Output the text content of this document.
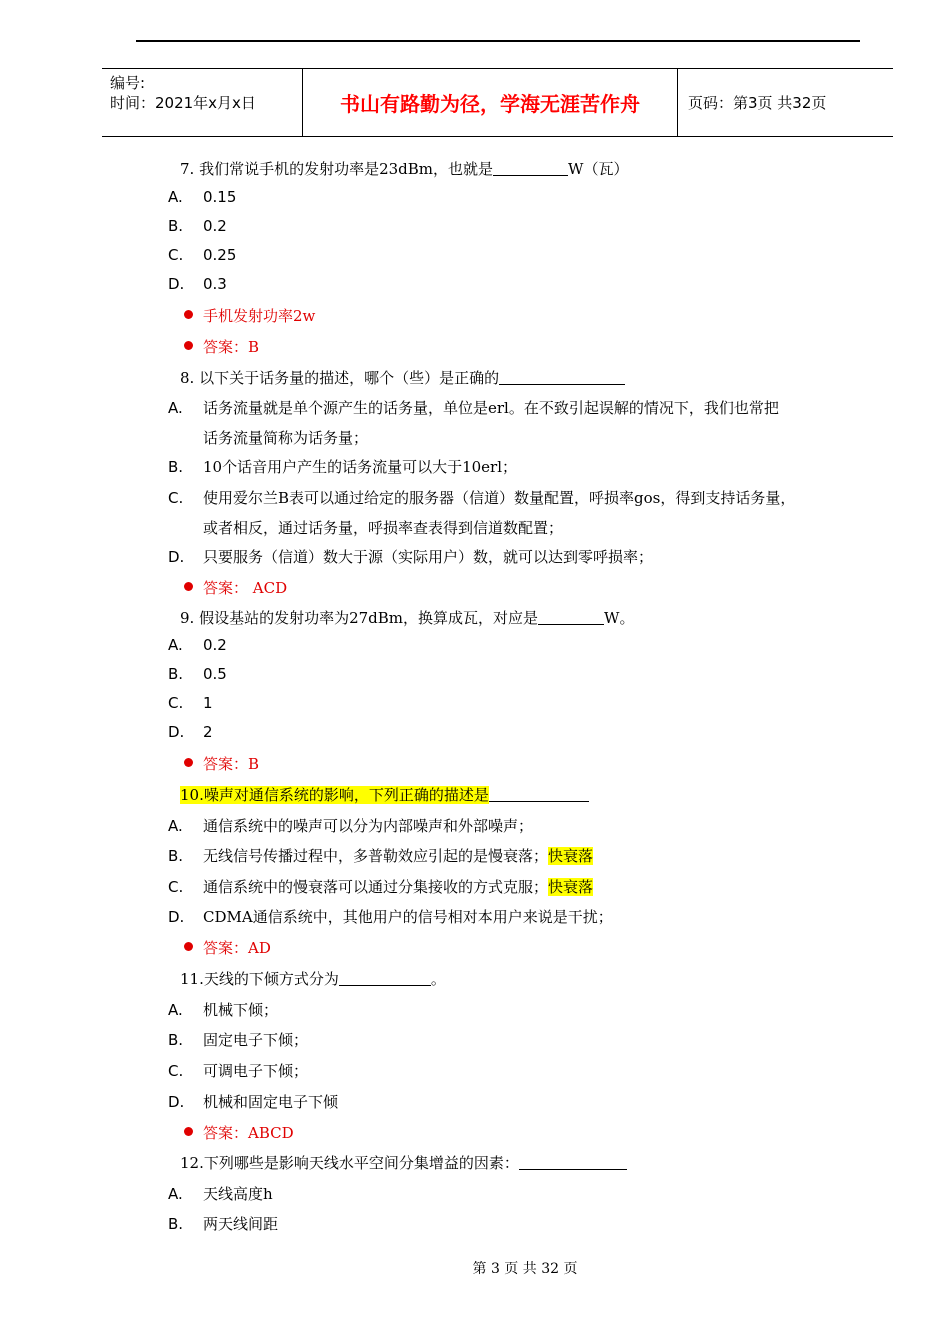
编号:
时间：2021年x月x日	书山有路勤为径，学海无涯苦作舟	页码：第3页 共32页
7. 我们常说手机的发射功率是23dBm，也就是	W（瓦）
A. 0.15
B. 0.2
C. 0.25
D. 0.3
手机发射功率2w
答案：B
8. 以下关于话务量的描述，哪个（些）是正确的
A. 话务流量就是单个源产生的话务量，单位是erl。在不致引起误解的情况下，我们也常把
话务流量简称为话务量；
B. 10个话音用户产生的话务流量可以大于10erl；
C. 使用爱尔兰B表可以通过给定的服务器（信道）数量配置，呼损率gos，得到支持话务量，
或者相反，通过话务量，呼损率查表得到信道数配置；
D. 只要服务（信道）数大于源（实际用户）数，就可以达到零呼损率；
答案： ACD
9. 假设基站的发射功率为27dBm，换算成瓦，对应是	W。
A. 0.2
B. 0.5
C. 1
D. 2
答案：B
10.噪声对通信系统的影响，下列正确的描述是
A. 通信系统中的噪声可以分为内部噪声和外部噪声；
B. 无线信号传播过程中，多普勒效应引起的是慢衰落；快衰落
C. 通信系统中的慢衰落可以通过分集接收的方式克服；快衰落
D. CDMA通信系统中，其他用户的信号相对本用户来说是干扰；
答案：AD
11.天线的下倾方式分为	。
A. 机械下倾；
B. 固定电子下倾；
C. 可调电子下倾；
D. 机械和固定电子下倾
答案：ABCD
12.下列哪些是影响天线水平空间分集增益的因素：
A. 天线高度h
B. 两天线间距
第 3 页 共 32 页
